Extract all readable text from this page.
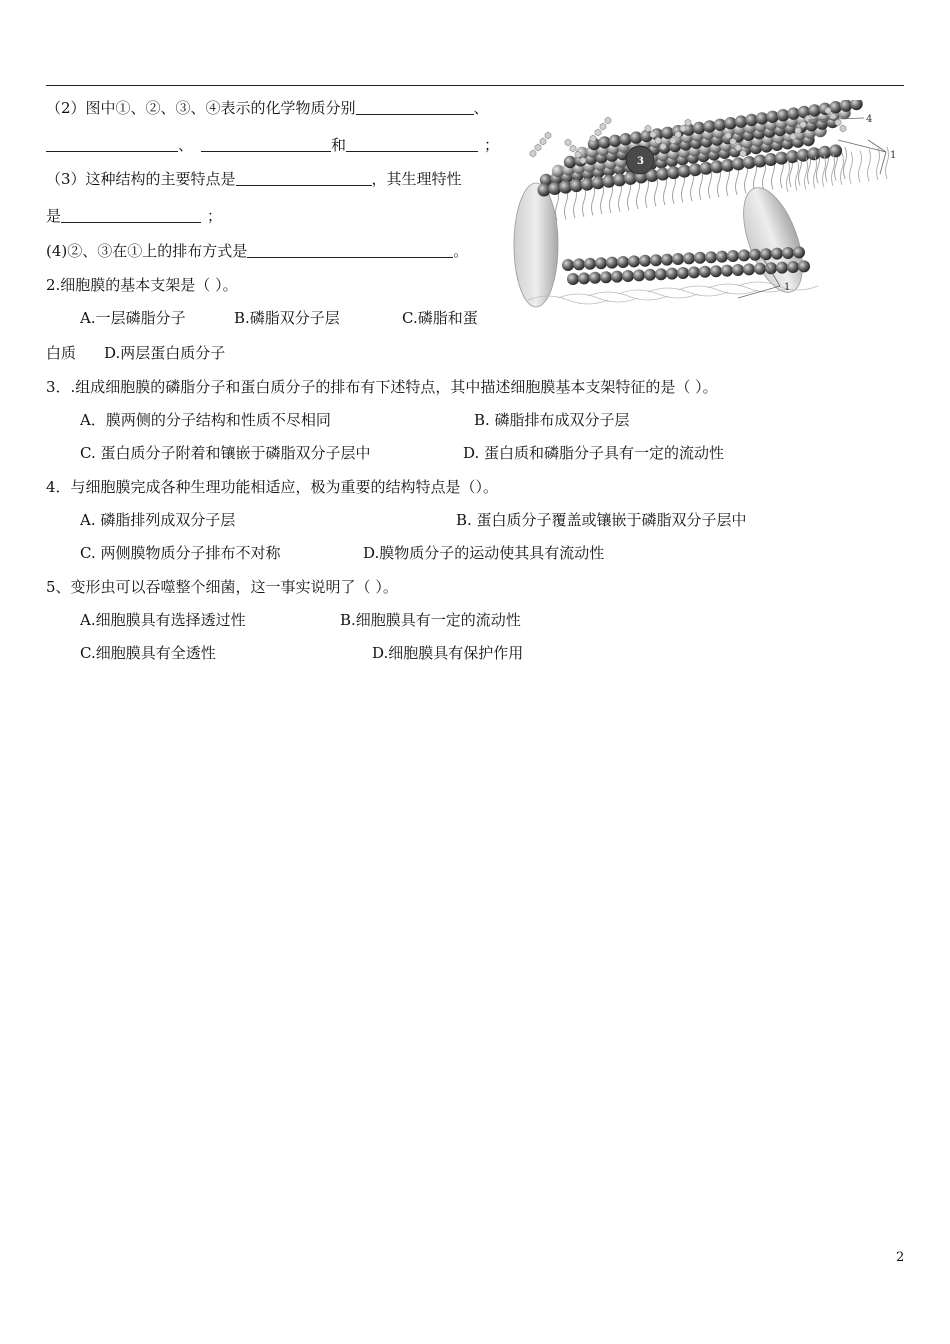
（2）图中①、②、③、④表示的化学物质分别	、
、	和	；
（3）这种结构的主要特点是	，其生理特性
是	；
(4)②、③在①上的排布方式是	。
4
1
1
3
2.细胞膜的基本支架是（ ）。
A.一层磷脂分子	B.磷脂双分子层	C.磷脂和蛋
白质 D.两层蛋白质分子
3．.组成细胞膜的磷脂分子和蛋白质分子的排布有下述特点，其中描述细胞膜基本支架特征的是（ ）。
A．膜两侧的分子结构和性质不尽相同	B. 磷脂排布成双分子层
C. 蛋白质分子附着和镶嵌于磷脂双分子层中	D. 蛋白质和磷脂分子具有一定的流动性
4．与细胞膜完成各种生理功能相适应，极为重要的结构特点是（）。
A. 磷脂排列成双分子层	B. 蛋白质分子覆盖或镶嵌于磷脂双分子层中
C. 两侧膜物质分子排布不对称	D.膜物质分子的运动使其具有流动性
5、变形虫可以吞噬整个细菌，这一事实说明了（ ）。
A.细胞膜具有选择透过性	B.细胞膜具有一定的流动性
C.细胞膜具有全透性	D.细胞膜具有保护作用
2
